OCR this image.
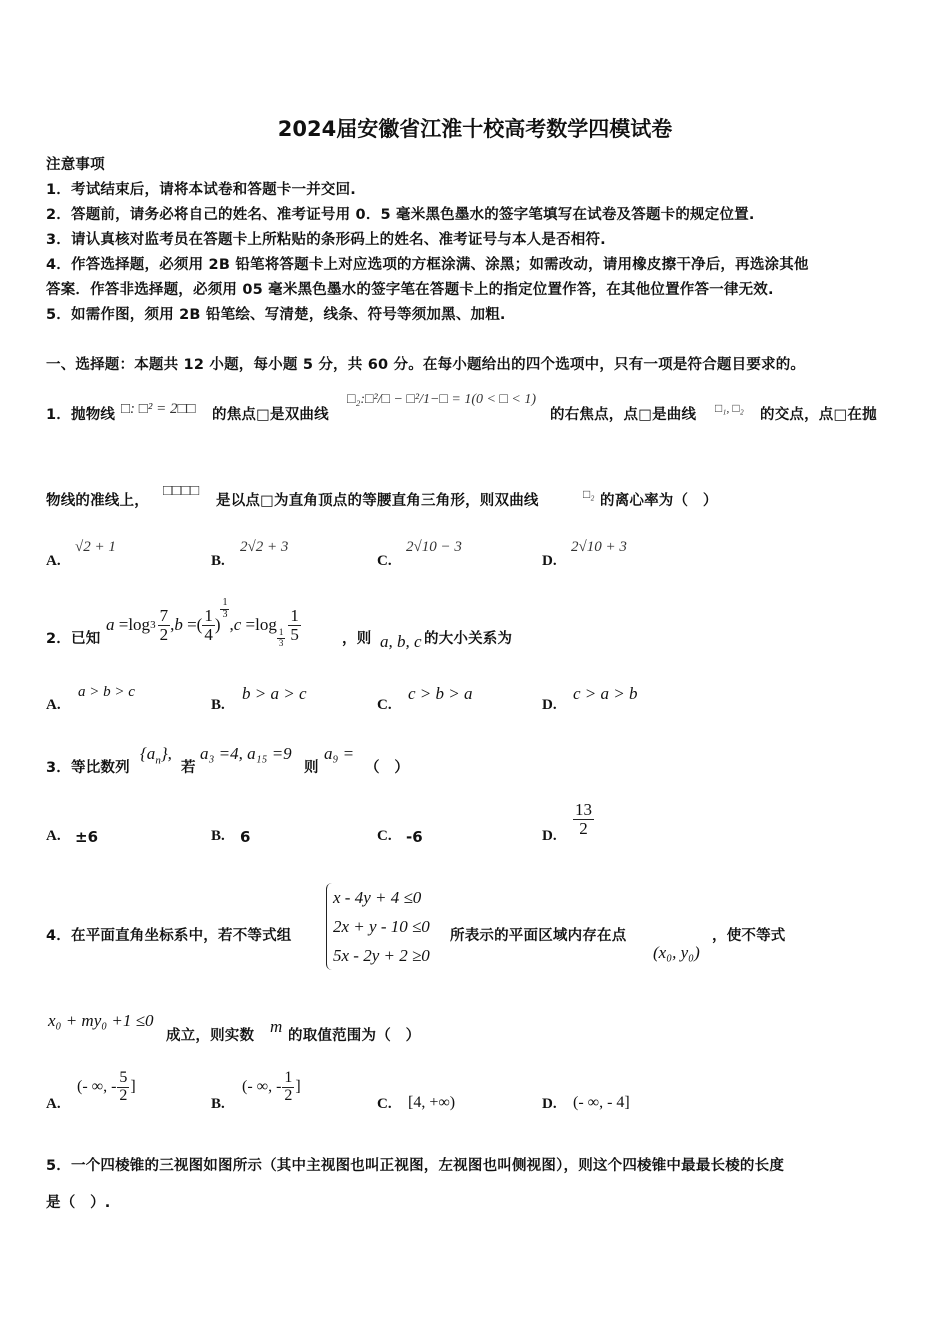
2024届安徽省江淮十校高考数学四模试卷
注意事项
1．考试结束后，请将本试卷和答题卡一并交回.
2．答题前，请务必将自己的姓名、准考证号用 0．5 毫米黑色墨水的签字笔填写在试卷及答题卡的规定位置.
3．请认真核对监考员在答题卡上所粘贴的条形码上的姓名、准考证号与本人是否相符.
4．作答选择题，必须用 2B 铅笔将答题卡上对应选项的方框涂满、涂黑；如需改动，请用橡皮擦干净后，再选涂其他
答案．作答非选择题，必须用 05 毫米黑色墨水的签字笔在答题卡上的指定位置作答，在其他位置作答一律无效.
5．如需作图，须用 2B 铅笔绘、写清楚，线条、符号等须加黑、加粗.
一、选择题：本题共 12 小题，每小题 5 分，共 60 分。在每小题给出的四个选项中，只有一项是符合题目要求的。
1．抛物线 □: □² = 2□□ 的焦点□是双曲线
□₂:□²/□ − □²/1−□ = 1(0 < □ < 1)
的右焦点，点□是曲线 □₁, □₂ 的交点，点□在抛
物线的准线上，
□□□□
是以点□为直角顶点的等腰直角三角形，则双曲线	□₂ 的离心率为（　）
A.
√2 + 1
B.
2√2 + 3
C.
2√10 − 3
D.
2√10 + 3
2．已知
a =log $3 \frac{7}{2}$ , b =( $\frac{1}{4}$ )
$\frac{1}{3}$
, c =log
$\frac{1}{3} \frac{1}{5}$	，则 a, b, c 的大小关系为
A.
a > b > c
B.
b > a > c
C.
c > b > a
D.
c > a > b
3．等比数列
$\{a_n\}$,
若
a₃ =4, a₁₅ =9
则
a₉ =
（　）
A. ±6	B. 6	C. -6	D. $\frac{13}{2}$
4．在平面直角坐标系中，若不等式组
x - 4y + 4 ≤0
2x + y - 10 ≤0
5x - 2y + 2 ≥0
所表示的平面区域内存在点
(x₀, y₀)
，使不等式
x₀ + my₀ +1 ≤0
成立，则实数 m 的取值范围为（　）
A.
(- ∞, - $\frac{5}{2}$ ]
B.
(- ∞, - $\frac{1}{2}$ ]
C. [4, +∞)	D. (- ∞, - 4]
5．一个四棱锥的三视图如图所示（其中主视图也叫正视图，左视图也叫侧视图），则这个四棱锥中最最长棱的长度
是（　）.
